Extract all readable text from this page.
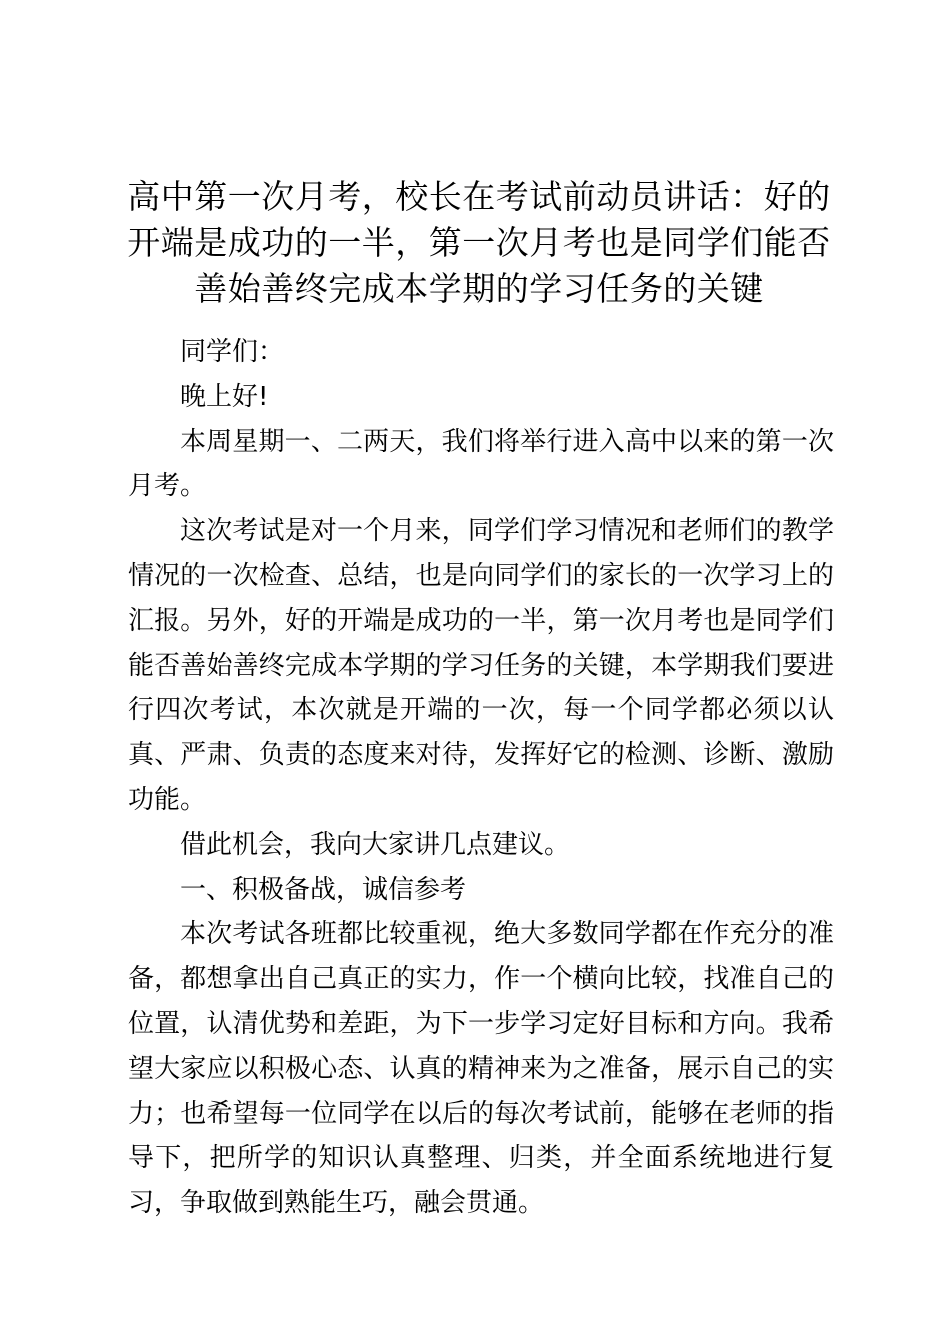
高中第一次月考，校长在考试前动员讲话：好的开端是成功的一半，第一次月考也是同学们能否善始善终完成本学期的学习任务的关键

同学们：

晚上好!

本周星期一、二两天，我们将举行进入高中以来的第一次月考。

这次考试是对一个月来，同学们学习情况和老师们的教学情况的一次检查、总结，也是向同学们的家长的一次学习上的汇报。另外，好的开端是成功的一半，第一次月考也是同学们能否善始善终完成本学期的学习任务的关键，本学期我们要进行四次考试，本次就是开端的一次，每一个同学都必须以认真、严肃、负责的态度来对待，发挥好它的检测、诊断、激励功能。

借此机会，我向大家讲几点建议。

一、积极备战，诚信参考

本次考试各班都比较重视，绝大多数同学都在作充分的准备，都想拿出自己真正的实力，作一个横向比较，找准自己的位置，认清优势和差距，为下一步学习定好目标和方向。我希望大家应以积极心态、认真的精神来为之准备，展示自己的实力；也希望每一位同学在以后的每次考试前，能够在老师的指导下，把所学的知识认真整理、归类，并全面系统地进行复习，争取做到熟能生巧，融会贯通。
